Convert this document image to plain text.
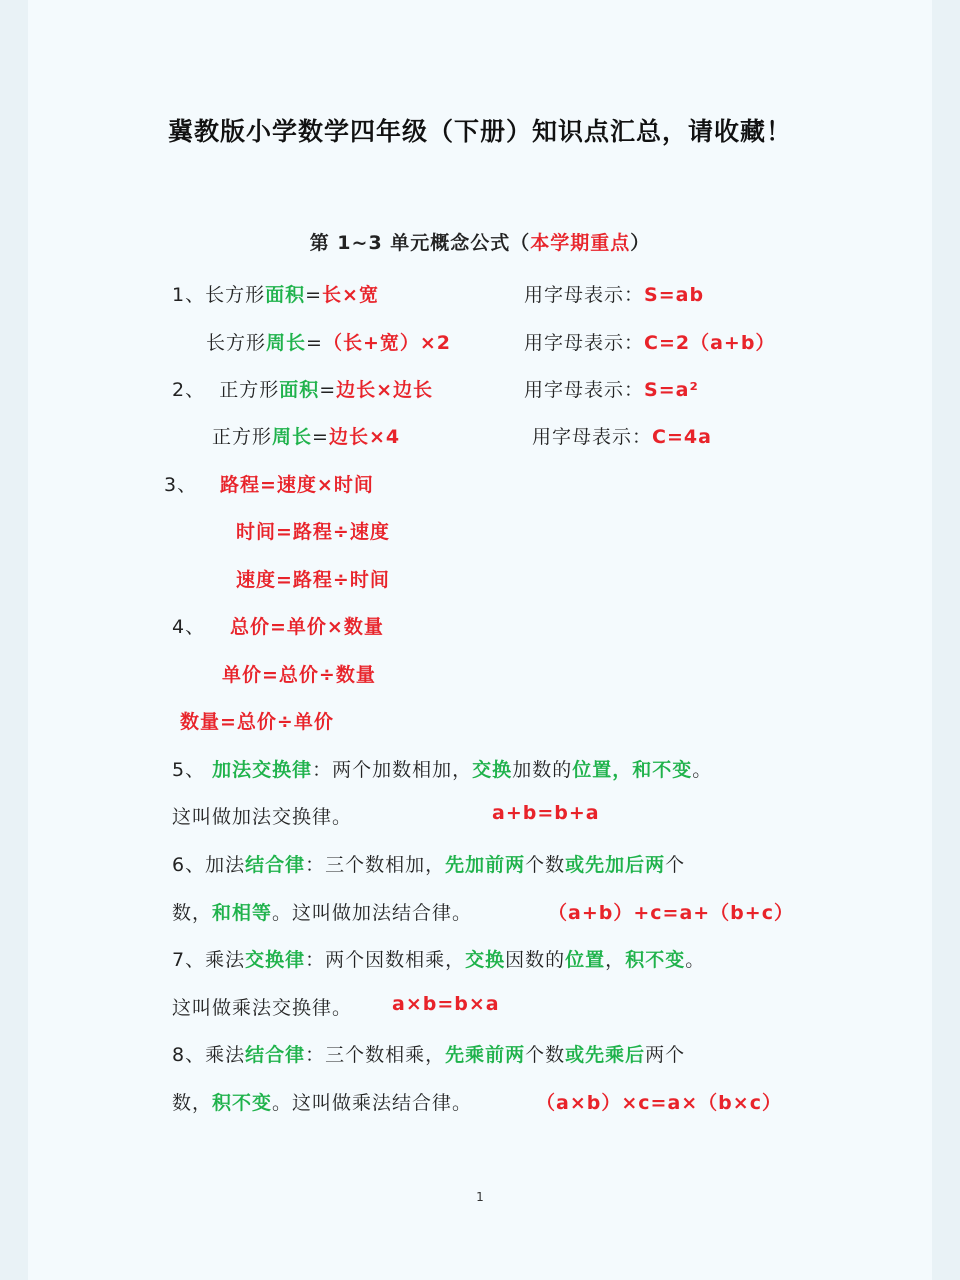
冀教版小学数学四年级（下册）知识点汇总，请收藏！
第 1~3 单元概念公式（本学期重点）
1、长方形面积=长×宽	用字母表示：S=ab
长方形周长=（长+宽）×2	用字母表示：C=2（a+b）
2、 正方形面积=边长×边长	用字母表示：S=a²
正方形周长=边长×4	用字母表示：C=4a
3、 路程=速度×时间
时间=路程÷速度
速度=路程÷时间
4、 总价=单价×数量
单价=总价÷数量
数量=总价÷单价
5、 加法交换律：两个加数相加，交换加数的位置，和不变。
这叫做加法交换律。	a+b=b+a
6、加法结合律：三个数相加，先加前两个数或先加后两个
数，和相等。这叫做加法结合律。	（a+b）+c=a+（b+c）
7、乘法交换律：两个因数相乘，交换因数的位置，积不变。
这叫做乘法交换律。 a×b=b×a
8、乘法结合律：三个数相乘，先乘前两个数或先乘后两个
数，积不变。这叫做乘法结合律。	（a×b）×c=a×（b×c）
1
